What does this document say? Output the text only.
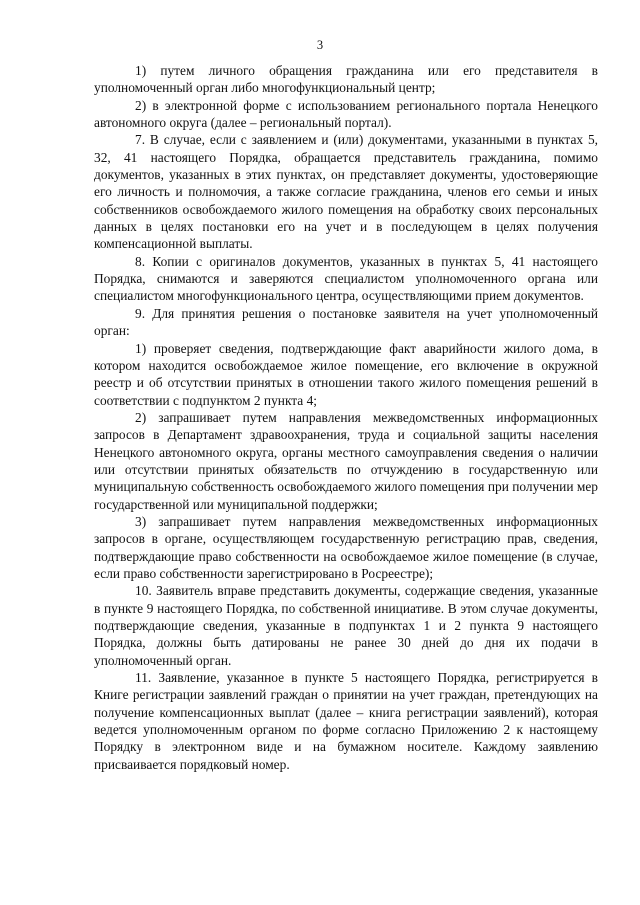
3

1) путем личного обращения гражданина или его представителя в уполномоченный орган либо многофункциональный центр;

2) в электронной форме с использованием регионального портала Ненецкого автономного округа (далее – региональный портал).

7. В случае, если с заявлением и (или) документами, указанными в пунктах 5, 32, 41 настоящего Порядка, обращается представитель гражданина, помимо документов, указанных в этих пунктах, он представляет документы, удостоверяющие его личность и полномочия, а также согласие гражданина, членов его семьи и иных собственников освобождаемого жилого помещения на обработку своих персональных данных в целях постановки его на учет и в последующем в целях получения компенсационной выплаты.

8. Копии с оригиналов документов, указанных в пунктах 5, 41 настоящего Порядка, снимаются и заверяются специалистом уполномоченного органа или специалистом многофункционального центра, осуществляющими прием документов.

9. Для принятия решения о постановке заявителя на учет уполномоченный орган:

1) проверяет сведения, подтверждающие факт аварийности жилого дома, в котором находится освобождаемое жилое помещение, его включение в окружной реестр и об отсутствии принятых в отношении такого жилого помещения решений в соответствии с подпунктом 2 пункта 4;

2) запрашивает путем направления межведомственных информационных запросов в Департамент здравоохранения, труда и социальной защиты населения Ненецкого автономного округа, органы местного самоуправления сведения о наличии или отсутствии принятых обязательств по отчуждению в государственную или муниципальную собственность освобождаемого жилого помещения при получении мер государственной или муниципальной поддержки;

3) запрашивает путем направления межведомственных информационных запросов в органе, осуществляющем государственную регистрацию прав, сведения, подтверждающие право собственности на освобождаемое жилое помещение (в случае, если право собственности зарегистрировано в Росреестре);

10. Заявитель вправе представить документы, содержащие сведения, указанные в пункте 9 настоящего Порядка, по собственной инициативе. В этом случае документы, подтверждающие сведения, указанные в подпунктах 1 и 2 пункта 9 настоящего Порядка, должны быть датированы не ранее 30 дней до дня их подачи в уполномоченный орган.

11. Заявление, указанное в пункте 5 настоящего Порядка, регистрируется в Книге регистрации заявлений граждан о принятии на учет граждан, претендующих на получение компенсационных выплат (далее – книга регистрации заявлений), которая ведется уполномоченным органом по форме согласно Приложению 2 к настоящему Порядку в электронном виде и на бумажном носителе. Каждому заявлению присваивается порядковый номер.
